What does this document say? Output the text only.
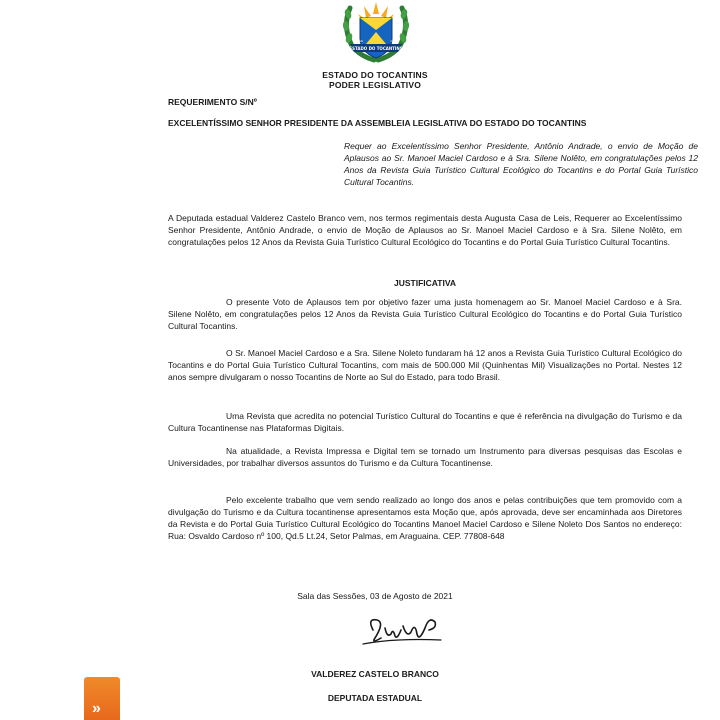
ESTADO DO TOCANTINS
1º JAN	1989
ESTADO DO TOCANTINS
PODER LEGISLATIVO
REQUERIMENTO S/Nº
EXCELENTÍSSIMO SENHOR PRESIDENTE DA ASSEMBLEIA LEGISLATIVA DO ESTADO DO TOCANTINS
Requer ao Excelentíssimo Senhor Presidente, Antônio Andrade, o envio de Moção de Aplausos ao Sr. Manoel Maciel Cardoso e à Sra. Silene Nolêto, em congratulações pelos 12 Anos da Revista Guia Turístico Cultural Ecológico do Tocantins e do Portal Guia Turístico Cultural Tocantins.
A Deputada estadual Valderez Castelo Branco vem, nos termos regimentais desta Augusta Casa de Leis, Requerer ao Excelentíssimo Senhor Presidente, Antônio Andrade, o envio de Moção de Aplausos ao Sr. Manoel Maciel Cardoso e à Sra. Silene Nolêto, em congratulações pelos 12 Anos da Revista Guia Turístico Cultural Ecológico do Tocantins e do Portal Guia Turístico Cultural Tocantins.
JUSTIFICATIVA
O presente Voto de Aplausos tem por objetivo fazer uma justa homenagem ao Sr. Manoel Maciel Cardoso e à Sra. Silene Nolêto, em congratulações pelos 12 Anos da Revista Guia Turístico Cultural Ecológico do Tocantins e do Portal Guia Turístico Cultural Tocantins.
O Sr. Manoel Maciel Cardoso e a Sra. Silene Noleto fundaram há 12 anos a Revista Guia Turístico Cultural Ecológico do Tocantins e do Portal Guia Turístico Cultural Tocantins, com mais de 500.000 Mil (Quinhentas Mil) Visualizações no Portal. Nestes 12 anos sempre divulgaram o nosso Tocantins de Norte ao Sul do Estado, para todo Brasil.
Uma Revista que acredita no potencial Turístico Cultural do Tocantins e que é referência na divulgação do Turismo e da Cultura Tocantinense nas Plataformas Digitais.
Na atualidade, a Revista Impressa e Digital tem se tornado um Instrumento para diversas pesquisas das Escolas e Universidades, por trabalhar diversos assuntos do Turismo e da Cultura Tocantinense.
Pelo excelente trabalho que vem sendo realizado ao longo dos anos e pelas contribuições que tem promovido com a divulgação do Turismo e da Cultura tocantinense apresentamos esta Moção que, após aprovada, deve ser encaminhada aos Diretores da Revista e do Portal Guia Turístico Cultural Ecológico do Tocantins Manoel Maciel Cardoso e Silene Noleto Dos Santos no endereço: Rua: Osvaldo Cardoso nº 100, Qd.5 Lt.24, Setor Palmas, em Araguaina. CEP. 77808-648
Sala das Sessões, 03 de Agosto de 2021
VALDEREZ CASTELO BRANCO
DEPUTADA ESTADUAL
»
